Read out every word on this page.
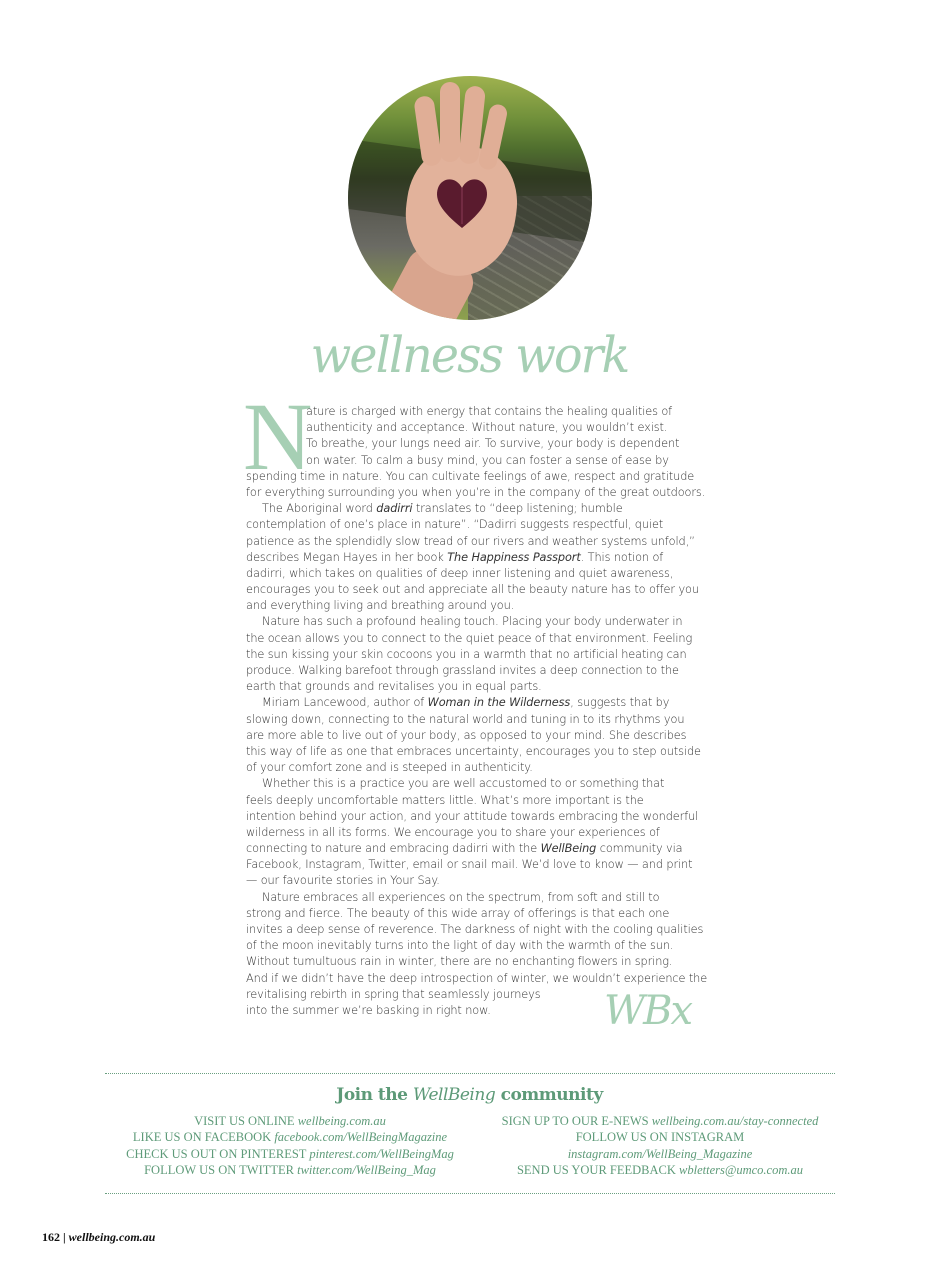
wellness work
N
ature is charged with energy that contains the healing qualities of
authenticity and acceptance. Without nature, you wouldn’t exist.
To breathe, your lungs need air. To survive, your body is dependent
on water. To calm a busy mind, you can foster a sense of ease by
spending time in nature. You can cultivate feelings of awe, respect and gratitude
for everything surrounding you when you’re in the company of the great outdoors.
The Aboriginal word dadirri translates to “deep listening; humble
contemplation of one’s place in nature”. “Dadirri suggests respectful, quiet
patience as the splendidly slow tread of our rivers and weather systems unfold,”
describes Megan Hayes in her book The Happiness Passport. This notion of
dadirri, which takes on qualities of deep inner listening and quiet awareness,
encourages you to seek out and appreciate all the beauty nature has to offer you
and everything living and breathing around you.
Nature has such a profound healing touch. Placing your body underwater in
the ocean allows you to connect to the quiet peace of that environment. Feeling
the sun kissing your skin cocoons you in a warmth that no artificial heating can
produce. Walking barefoot through grassland invites a deep connection to the
earth that grounds and revitalises you in equal parts.
Miriam Lancewood, author of Woman in the Wilderness, suggests that by
slowing down, connecting to the natural world and tuning in to its rhythms you
are more able to live out of your body, as opposed to your mind. She describes
this way of life as one that embraces uncertainty, encourages you to step outside
of your comfort zone and is steeped in authenticity.
Whether this is a practice you are well accustomed to or something that
feels deeply uncomfortable matters little. What’s more important is the
intention behind your action, and your attitude towards embracing the wonderful
wilderness in all its forms. We encourage you to share your experiences of
connecting to nature and embracing dadirri with the WellBeing community via
Facebook, Instagram, Twitter, email or snail mail. We’d love to know — and print
— our favourite stories in Your Say.
Nature embraces all experiences on the spectrum, from soft and still to
strong and fierce. The beauty of this wide array of offerings is that each one
invites a deep sense of reverence. The darkness of night with the cooling qualities
of the moon inevitably turns into the light of day with the warmth of the sun.
Without tumultuous rain in winter, there are no enchanting flowers in spring.
And if we didn’t have the deep introspection of winter, we wouldn’t experience the
revitalising rebirth in spring that seamlessly journeys
into the summer we’re basking in right now.	WBx
Join the WellBeing community
VISIT US ONLINE wellbeing.com.au
LIKE US ON FACEBOOK facebook.com/WellBeingMagazine
CHECK US OUT ON PINTEREST pinterest.com/WellBeingMag
FOLLOW US ON TWITTER twitter.com/WellBeing_Mag
SIGN UP TO OUR E-NEWS wellbeing.com.au/stay-connected
FOLLOW US ON INSTAGRAM
instagram.com/WellBeing_Magazine
SEND US YOUR FEEDBACK wbletters@umco.com.au
162 | wellbeing.com.au
